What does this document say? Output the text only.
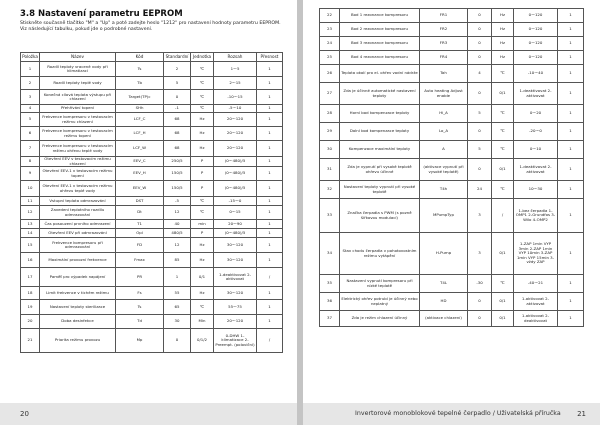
3.8 Nastavení parametru EEPROM
Stiskněte současně tlačítko "M" a "Up" a poté zadejte heslo "1212" pro nastavení hodnoty parametru EEPROM. Viz následující tabulku, pokud jde o podrobné nastavení.
Položka	Název	Kód	Standardní	Jednotka	Rozsah	Přesnost
1	Rozdíl teploty vracené vody při klimatizaci	Ts	2	℃	1～5	1
2	Rozdíl teploty teplé vody	Tb	5	℃	2～15	1
3	Konečná cílová teplota výstupu při chlazení	Target(TP)c	0	℃	-10～15	1
4	Přehřívání topení	SHh	-1	℃	-5～10	1
5	Frekvence kompresoru v testovacím režimu chlazení	LCF_C	68	Hz	20～120	1
6	Frekvence kompresoru v testovacím režimu topení	LCF_H	68	Hz	20～120	1
7	Frekvence kompresoru v testovacím režimu ohřevu teplé vody	LCF_W	68	Hz	20～120	1
8	Otevření EEV v testovacím režimu chlazení	EEV_C	250/5	P	(0～480)/5	1
9	Otevření EEV-1 v testovacím režimu topení	EEV_H	150/5	P	(0～480)/5	1
10	Otevření EEV-1 v testovacím režimu ohřevu teplé vody	EEV_W	150/5	P	(0～480)/5	1
11	Vstupní teplota odmrazování	DST	-5	℃	-15～0	1
12	Zavedení teplotního rozdílu odmrazování	Dt	12	℃	0～15	1
13	Čas posouzení prvního odmrazení	T1	40	min	20～90	1
14	Otevření EEV při odmrazování	Opl	480/5	P	(0～480)/5	1
15	Frekvence kompresoru při odmrazování	FD	12	Hz	30～120	1
16	Maximální provozní frekvence	Fmax	85	Hz	30～120	1
17	Paměť pro výpadek napájení	PR	1	0/1	1-deaktivovat 2-aktivovat	/
18	Limit frekvence v tichém režimu	Fs	55	Hz	30～120	1
19	Nastavení teploty sterilizace	Ts	65	℃	55～75	1
20	Doba desinfekce	Td	30	Min	20～120	1
21	Priorita režimu provozu	Mp	0	0/1/2	0-DHW 1-klimatizace 2-Preempt. (poloviční)	/
20
22	Bod 1 rezonance kompresoru	FR1	0	Hz	0～120	1
23	Bod 2 rezonance kompresoru	FR2	0	Hz	0～120	1
24	Bod 3 rezonance kompresoru	FR3	0	Hz	0～120	1
25	Bod 4 rezonance kompresoru	FR4	0	Hz	0～120	1
26	Teplota okolí pro el. ohřev vodní nádrže	Tah	4	℃	-10～40	1
27	Zda je účinné automatické nastavení teploty	Auto heating Adjust enable	0	0/1	1-deaktivovat 2-aktivovat	1
28	Horní bod kompenzace teploty	Hi_A	5	℃	0～20	1
29	Dolní bod kompenzace teploty	Lo_A	0	℃	-20～0	1
30	Kompenzace maximální teploty	A	5	℃	0～10	1
31	Zda je vypnutí při vysoké teplotě ohřevu účinné	(aktivace vypnutí při vysoké teplotě)	0	0/1	1-deaktivovat 2-aktivovat	1
32	Nastavení teploty vypnutí při vysoké teplotě	T4h	24	℃	10～30	1
33	Značka čerpadla s PWM (s pozně šířkovou modulací)	MPumpTyp	3	/	1-bez čerpadla 1-OMP1 2-Grundfos 3-Wilo 4-OMP2	1
34	Stav chodu čerpadla v pohotovostním režimu vytápění	H-Pump	3	0/1	1-ZAP 1min VYP 3min 2-ZAP 1min VYP 10min 3-ZAP 1min VYP 15min 3- vždy ZAP	1
35	Nastavení vypnutí kompresoru při nízké teplotě	T4L	-30	℃	-40～21	1
36	Elektrický ohřev potrubí je účinný nebo neplatný	HD	0	0/1	1-aktivovat 2-aktivovat	1
37	Zda je režim chlazení účinný	(aktivace chlazení)	0	0/1	1-aktivovat 2-deaktivovat	1
Invertorové monoblokové tepelné čerpadlo / Uživatelská příručka 21
